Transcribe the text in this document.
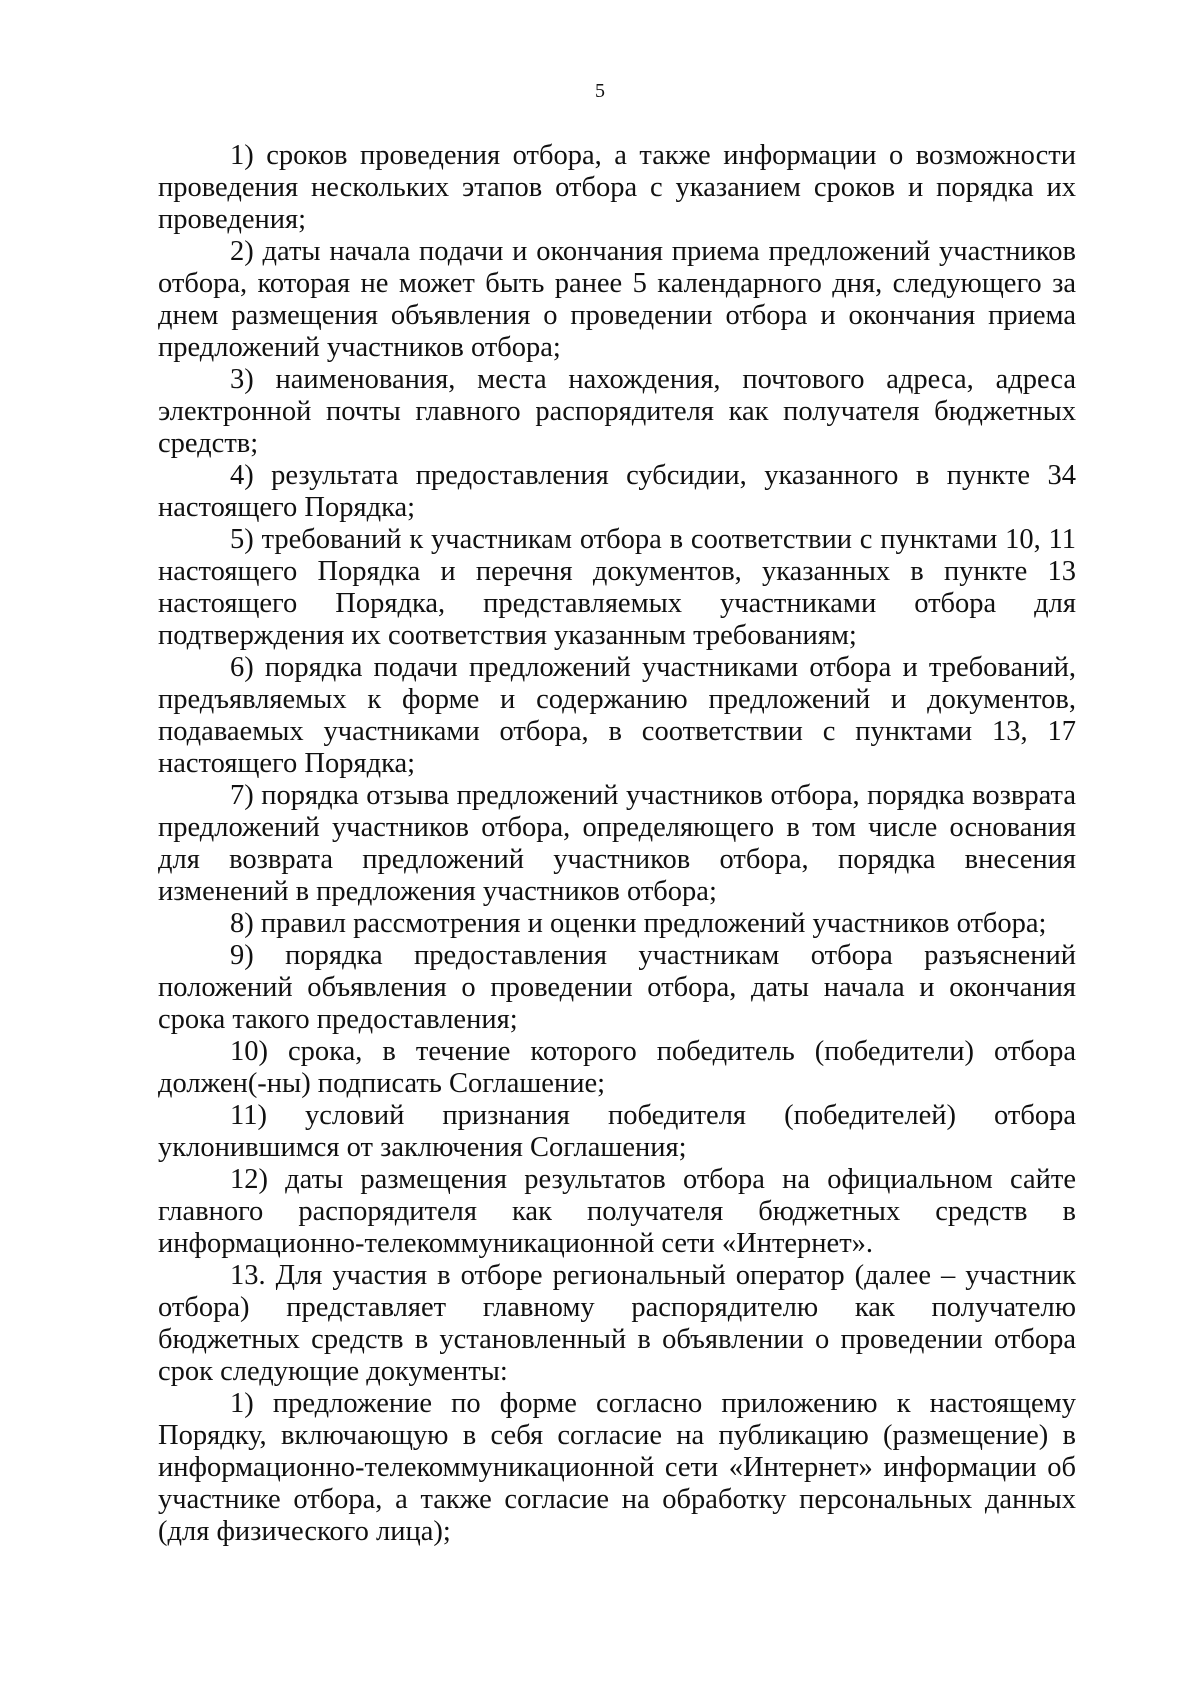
5

1) сроков проведения отбора, а также информации о возможности проведения нескольких этапов отбора с указанием сроков и порядка их проведения;

2) даты начала подачи и окончания приема предложений участников отбора, которая не может быть ранее 5 календарного дня, следующего за днем размещения объявления о проведении отбора и окончания приема предложений участников отбора;

3) наименования, места нахождения, почтового адреса, адреса электронной почты главного распорядителя как получателя бюджетных средств;

4) результата предоставления субсидии, указанного в пункте 34 настоящего Порядка;

5) требований к участникам отбора в соответствии с пунктами 10, 11 настоящего Порядка и перечня документов, указанных в пункте 13 настоящего Порядка, представляемых участниками отбора для подтверждения их соответствия указанным требованиям;

6) порядка подачи предложений участниками отбора и требований, предъявляемых к форме и содержанию предложений и документов, подаваемых участниками отбора, в соответствии с пунктами 13, 17 настоящего Порядка;

7) порядка отзыва предложений участников отбора, порядка возврата предложений участников отбора, определяющего в том числе основания для возврата предложений участников отбора, порядка внесения изменений в предложения участников отбора;

8) правил рассмотрения и оценки предложений участников отбора;

9) порядка предоставления участникам отбора разъяснений положений объявления о проведении отбора, даты начала и окончания срока такого предоставления;

10) срока, в течение которого победитель (победители) отбора должен(-ны) подписать Соглашение;

11) условий признания победителя (победителей) отбора уклонившимся от заключения Соглашения;

12) даты размещения результатов отбора на официальном сайте главного распорядителя как получателя бюджетных средств в информационно-телекоммуникационной сети «Интернет».

13. Для участия в отборе региональный оператор (далее – участник отбора) представляет главному распорядителю как получателю бюджетных средств в установленный в объявлении о проведении отбора срок следующие документы:

1) предложение по форме согласно приложению к настоящему Порядку, включающую в себя согласие на публикацию (размещение) в информационно-телекоммуникационной сети «Интернет» информации об участнике отбора, а также согласие на обработку персональных данных (для физического лица);
